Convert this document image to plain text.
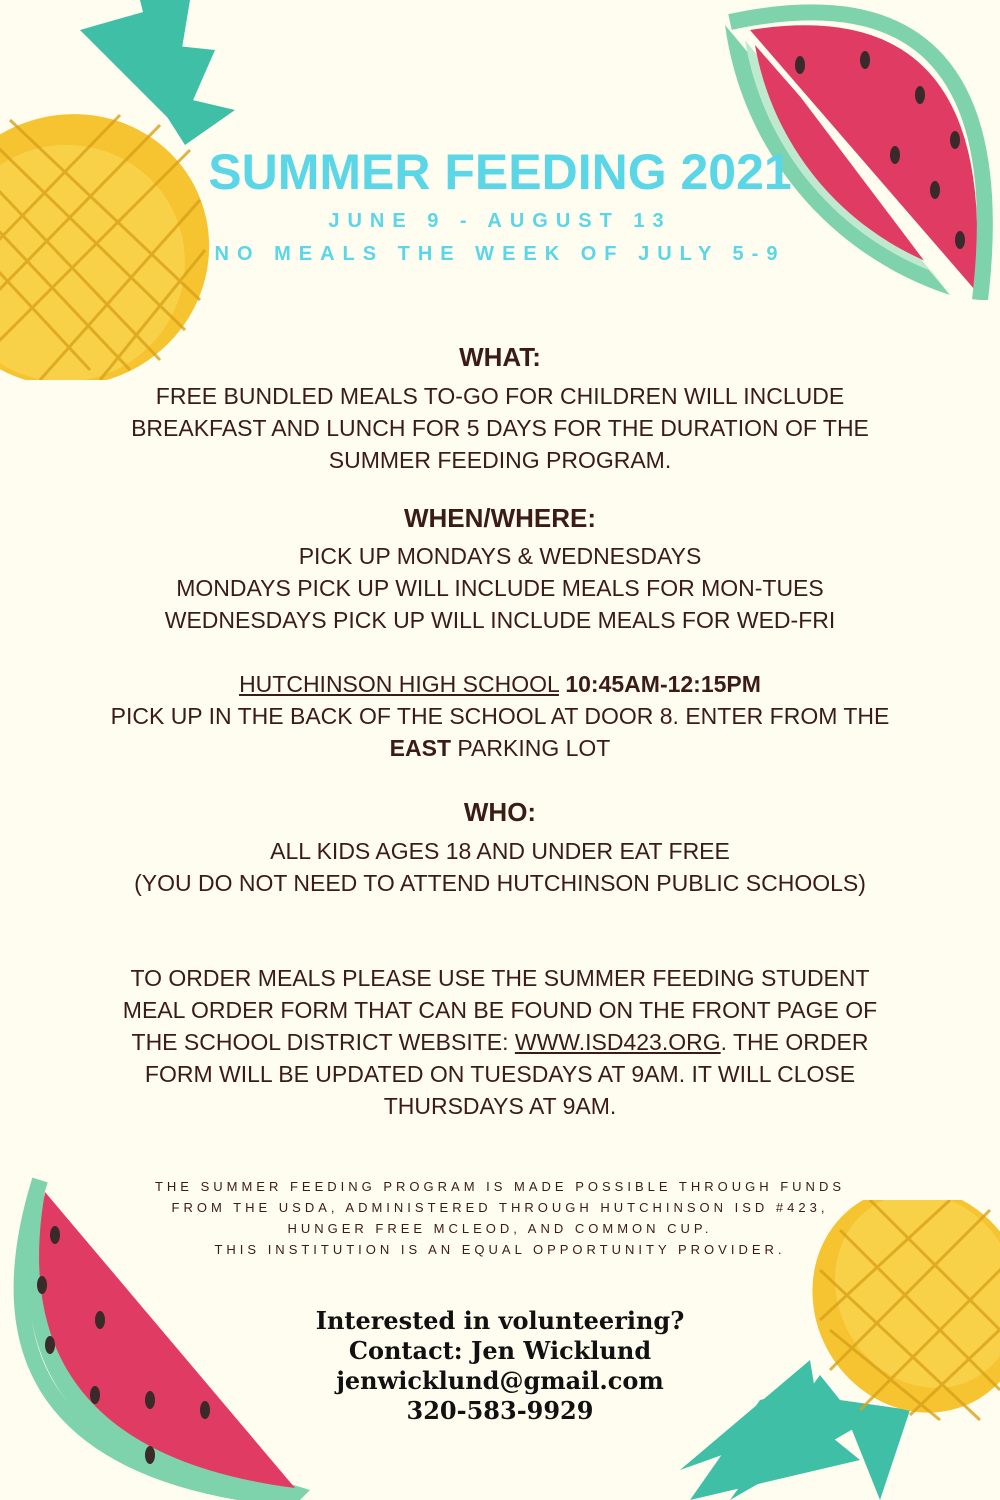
SUMMER FEEDING 2021
JUNE 9 - AUGUST 13
NO MEALS THE WEEK OF JULY 5-9
WHAT:
FREE BUNDLED MEALS TO-GO FOR CHILDREN WILL INCLUDE
BREAKFAST AND LUNCH FOR 5 DAYS FOR THE DURATION OF THE
SUMMER FEEDING PROGRAM.
WHEN/WHERE:
PICK UP MONDAYS & WEDNESDAYS
MONDAYS PICK UP WILL INCLUDE MEALS FOR MON-TUES
WEDNESDAYS PICK UP WILL INCLUDE MEALS FOR WED-FRI
HUTCHINSON HIGH SCHOOL 10:45AM-12:15PM
PICK UP IN THE BACK OF THE SCHOOL AT DOOR 8. ENTER FROM THE
EAST PARKING LOT
WHO:
ALL KIDS AGES 18 AND UNDER EAT FREE
(YOU DO NOT NEED TO ATTEND HUTCHINSON PUBLIC SCHOOLS)
TO ORDER MEALS PLEASE USE THE SUMMER FEEDING STUDENT
MEAL ORDER FORM THAT CAN BE FOUND ON THE FRONT PAGE OF
THE SCHOOL DISTRICT WEBSITE: WWW.ISD423.ORG. THE ORDER
FORM WILL BE UPDATED ON TUESDAYS AT 9AM. IT WILL CLOSE
THURSDAYS AT 9AM.
THE SUMMER FEEDING PROGRAM IS MADE POSSIBLE THROUGH FUNDS
FROM THE USDA, ADMINISTERED THROUGH HUTCHINSON ISD #423,
HUNGER FREE MCLEOD, AND COMMON CUP.
THIS INSTITUTION IS AN EQUAL OPPORTUNITY PROVIDER.
Interested in volunteering?
Contact: Jen Wicklund
jenwicklund@gmail.com
320-583-9929
